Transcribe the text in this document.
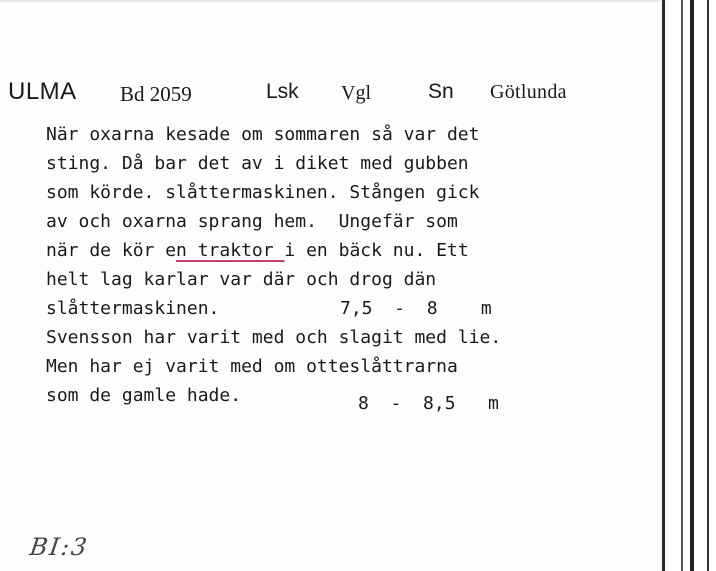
ULMA Bd 2059	Lsk Vgl	Sn Götlunda
När oxarna kesade om sommaren så var det
sting. Då bar det av i diket med gubben
som körde. slåttermaskinen. Stången gick
av och oxarna sprang hem.  Ungefär som
när de kör en traktor i en bäck nu. Ett
helt lag karlar var där och drog dän
slåttermaskinen.	7,5  -  8    m
Svensson har varit med och slagit med lie.
Men har ej varit med om otteslåttrarna
som de gamle hade.	8  -  8,5   m
BI:3
